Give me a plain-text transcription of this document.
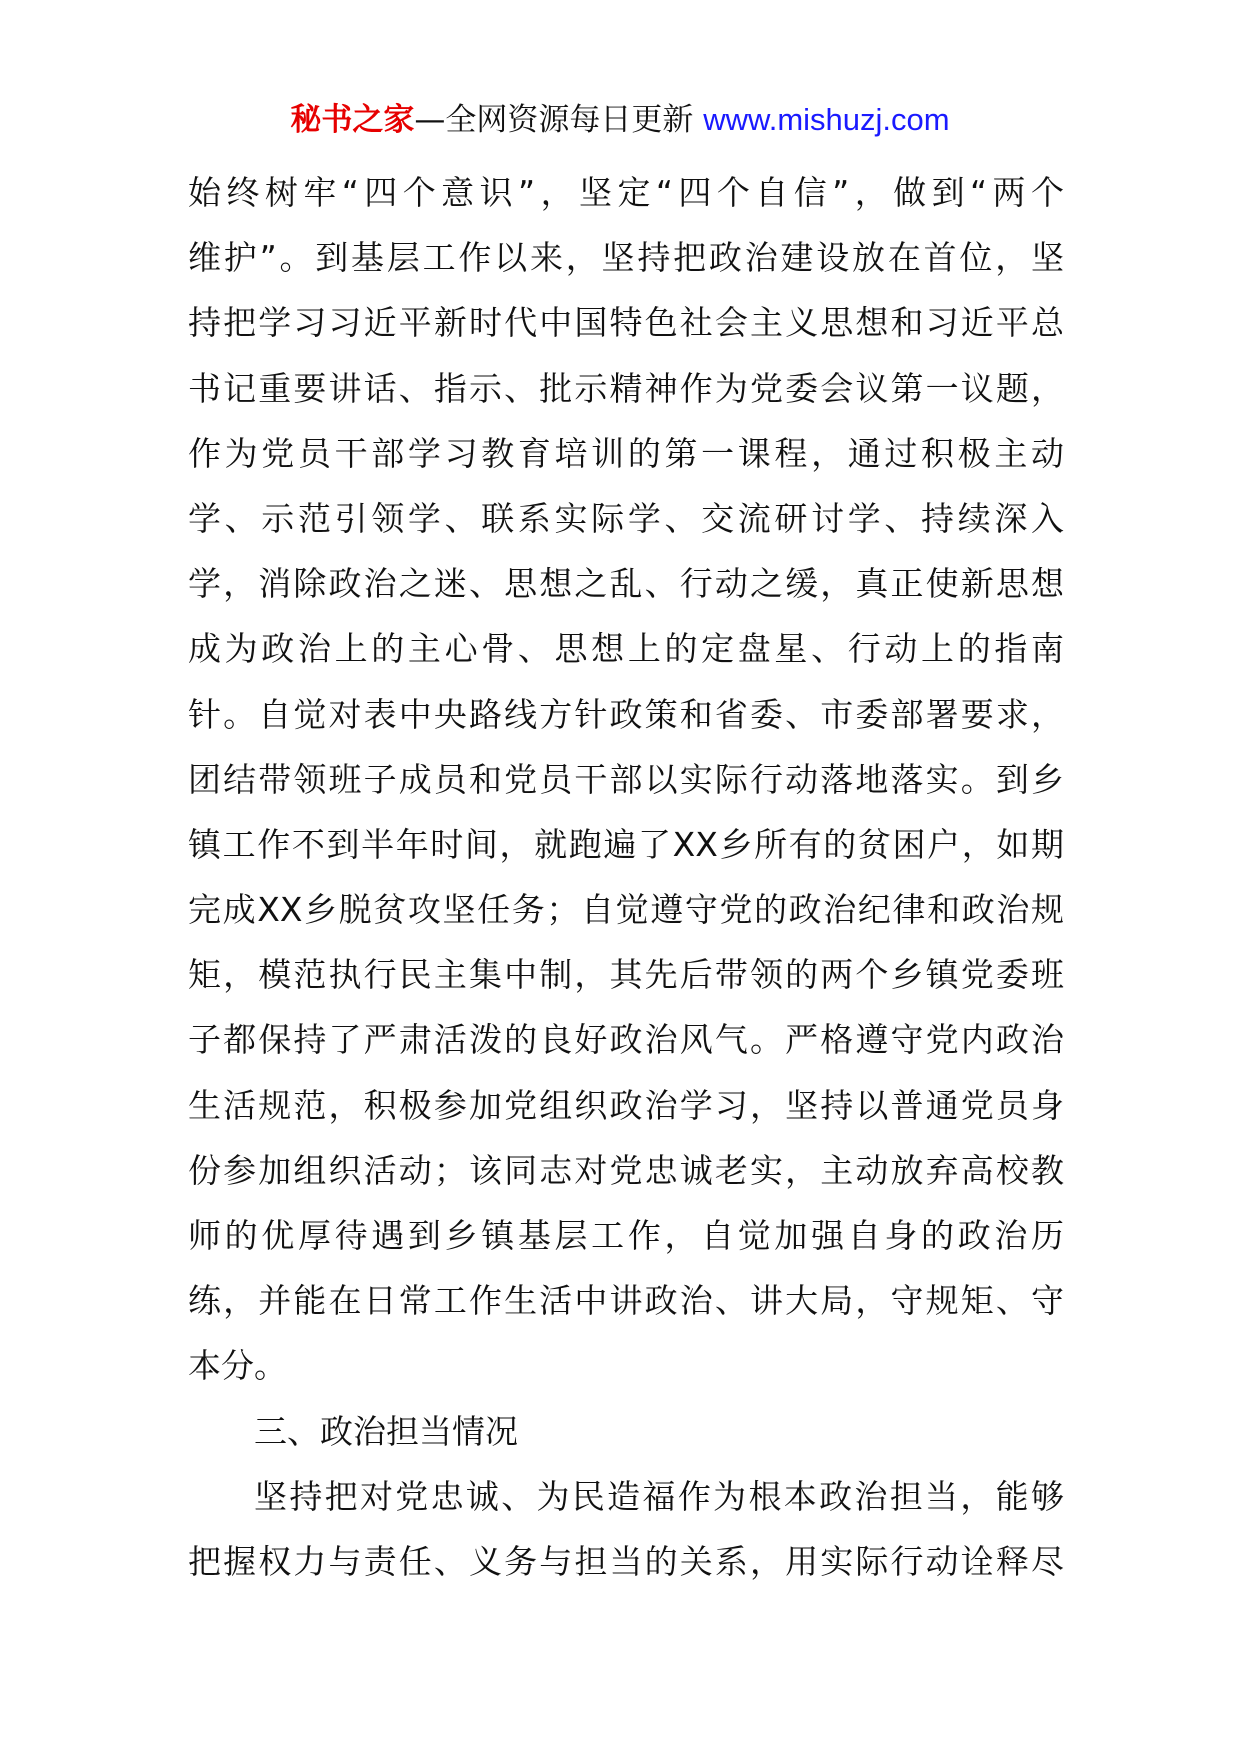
秘书之家—全网资源每日更新 www.mishuzj.com
始终树牢“四个意识”，坚定“四个自信”，做到“两个
维护”。到基层工作以来，坚持把政治建设放在首位，坚
持把学习习近平新时代中国特色社会主义思想和习近平总
书记重要讲话、指示、批示精神作为党委会议第一议题，
作为党员干部学习教育培训的第一课程，通过积极主动
学、示范引领学、联系实际学、交流研讨学、持续深入
学，消除政治之迷、思想之乱、行动之缓，真正使新思想
成为政治上的主心骨、思想上的定盘星、行动上的指南
针。自觉对表中央路线方针政策和省委、市委部署要求，
团结带领班子成员和党员干部以实际行动落地落实。到乡
镇工作不到半年时间，就跑遍了XX乡所有的贫困户，如期
完成XX乡脱贫攻坚任务；自觉遵守党的政治纪律和政治规
矩，模范执行民主集中制，其先后带领的两个乡镇党委班
子都保持了严肃活泼的良好政治风气。严格遵守党内政治
生活规范，积极参加党组织政治学习，坚持以普通党员身
份参加组织活动；该同志对党忠诚老实，主动放弃高校教
师的优厚待遇到乡镇基层工作，自觉加强自身的政治历
练，并能在日常工作生活中讲政治、讲大局，守规矩、守
本分。
三、政治担当情况
坚持把对党忠诚、为民造福作为根本政治担当，能够
把握权力与责任、义务与担当的关系，用实际行动诠释尽
